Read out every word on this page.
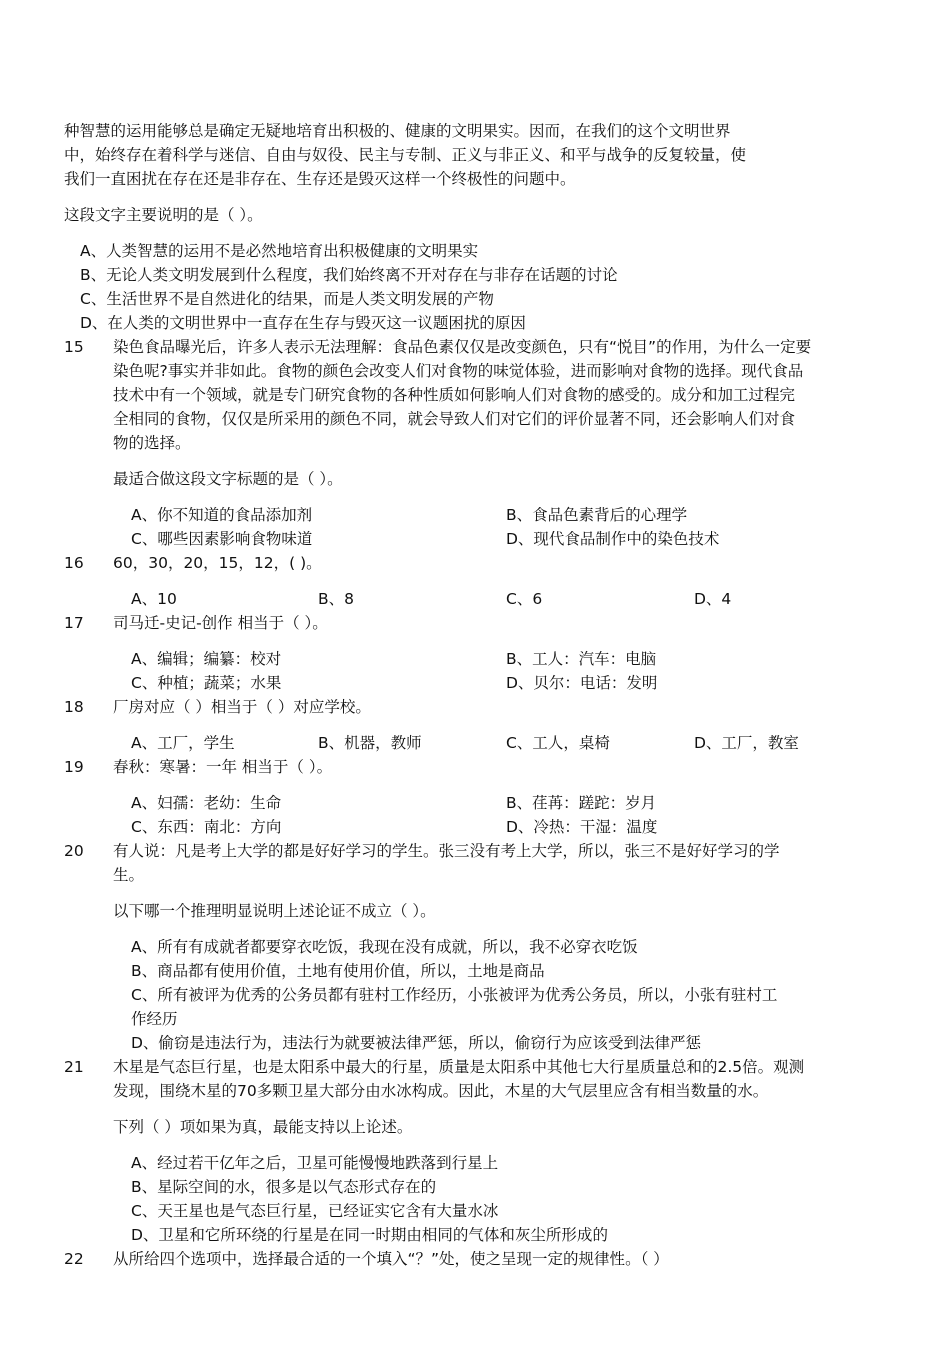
种智慧的运用能够总是确定无疑地培育出积极的、健康的文明果实。因而，在我们的这个文明世界
中，始终存在着科学与迷信、自由与奴役、民主与专制、正义与非正义、和平与战争的反复较量，使
我们一直困扰在存在还是非存在、生存还是毁灭这样一个终极性的问题中。
这段文字主要说明的是（ ）。
A、人类智慧的运用不是必然地培育出积极健康的文明果实
B、无论人类文明发展到什么程度，我们始终离不开对存在与非存在话题的讨论
C、生活世界不是自然进化的结果，而是人类文明发展的产物
D、在人类的文明世界中一直存在生存与毁灭这一议题困扰的原因
15 染色食品曝光后，许多人表示无法理解：食品色素仅仅是改变颜色，只有“悦目”的作用，为什么一定要
染色呢?事实并非如此。食物的颜色会改变人们对食物的味觉体验，进而影响对食物的选择。现代食品
技术中有一个领域，就是专门研究食物的各种性质如何影响人们对食物的感受的。成分和加工过程完
全相同的食物，仅仅是所采用的颜色不同，就会导致人们对它们的评价显著不同，还会影响人们对食
物的选择。
最适合做这段文字标题的是（ ）。
A、你不知道的食品添加剂	B、食品色素背后的心理学
C、哪些因素影响食物味道	D、现代食品制作中的染色技术
16 60，30，20，15，12，( )。
A、10	B、8	C、6	D、4
17 司马迁-史记-创作 相当于（ ）。
A、编辑；编纂：校对	B、工人：汽车：电脑
C、种植；蔬菜；水果	D、贝尔：电话：发明
18 厂房对应（ ）相当于（ ）对应学校。
A、工厂，学生	B、机器，教师	C、工人，桌椅	D、工厂，教室
19 春秋：寒暑：一年 相当于（ ）。
A、妇孺：老幼：生命	B、荏苒：蹉跎：岁月
C、东西：南北：方向	D、冷热：干湿：温度
20 有人说：凡是考上大学的都是好好学习的学生。张三没有考上大学，所以，张三不是好好学习的学
生。
以下哪一个推理明显说明上述论证不成立（ ）。
A、所有有成就者都要穿衣吃饭，我现在没有成就，所以，我不必穿衣吃饭
B、商品都有使用价值，土地有使用价值，所以，土地是商品
C、所有被评为优秀的公务员都有驻村工作经历，小张被评为优秀公务员，所以，小张有驻村工
作经历
D、偷窃是违法行为，违法行为就要被法律严惩，所以，偷窃行为应该受到法律严惩
21 木星是气态巨行星，也是太阳系中最大的行星，质量是太阳系中其他七大行星质量总和的2.5倍。观测
发现，围绕木星的70多颗卫星大部分由水冰构成。因此，木星的大气层里应含有相当数量的水。
下列（ ）项如果为真，最能支持以上论述。
A、经过若干亿年之后，卫星可能慢慢地跌落到行星上
B、星际空间的水，很多是以气态形式存在的
C、天王星也是气态巨行星，已经证实它含有大量水冰
D、卫星和它所环绕的行星是在同一时期由相同的气体和灰尘所形成的
22 从所给四个选项中，选择最合适的一个填入“？”处，使之呈现一定的规律性。（ ）
